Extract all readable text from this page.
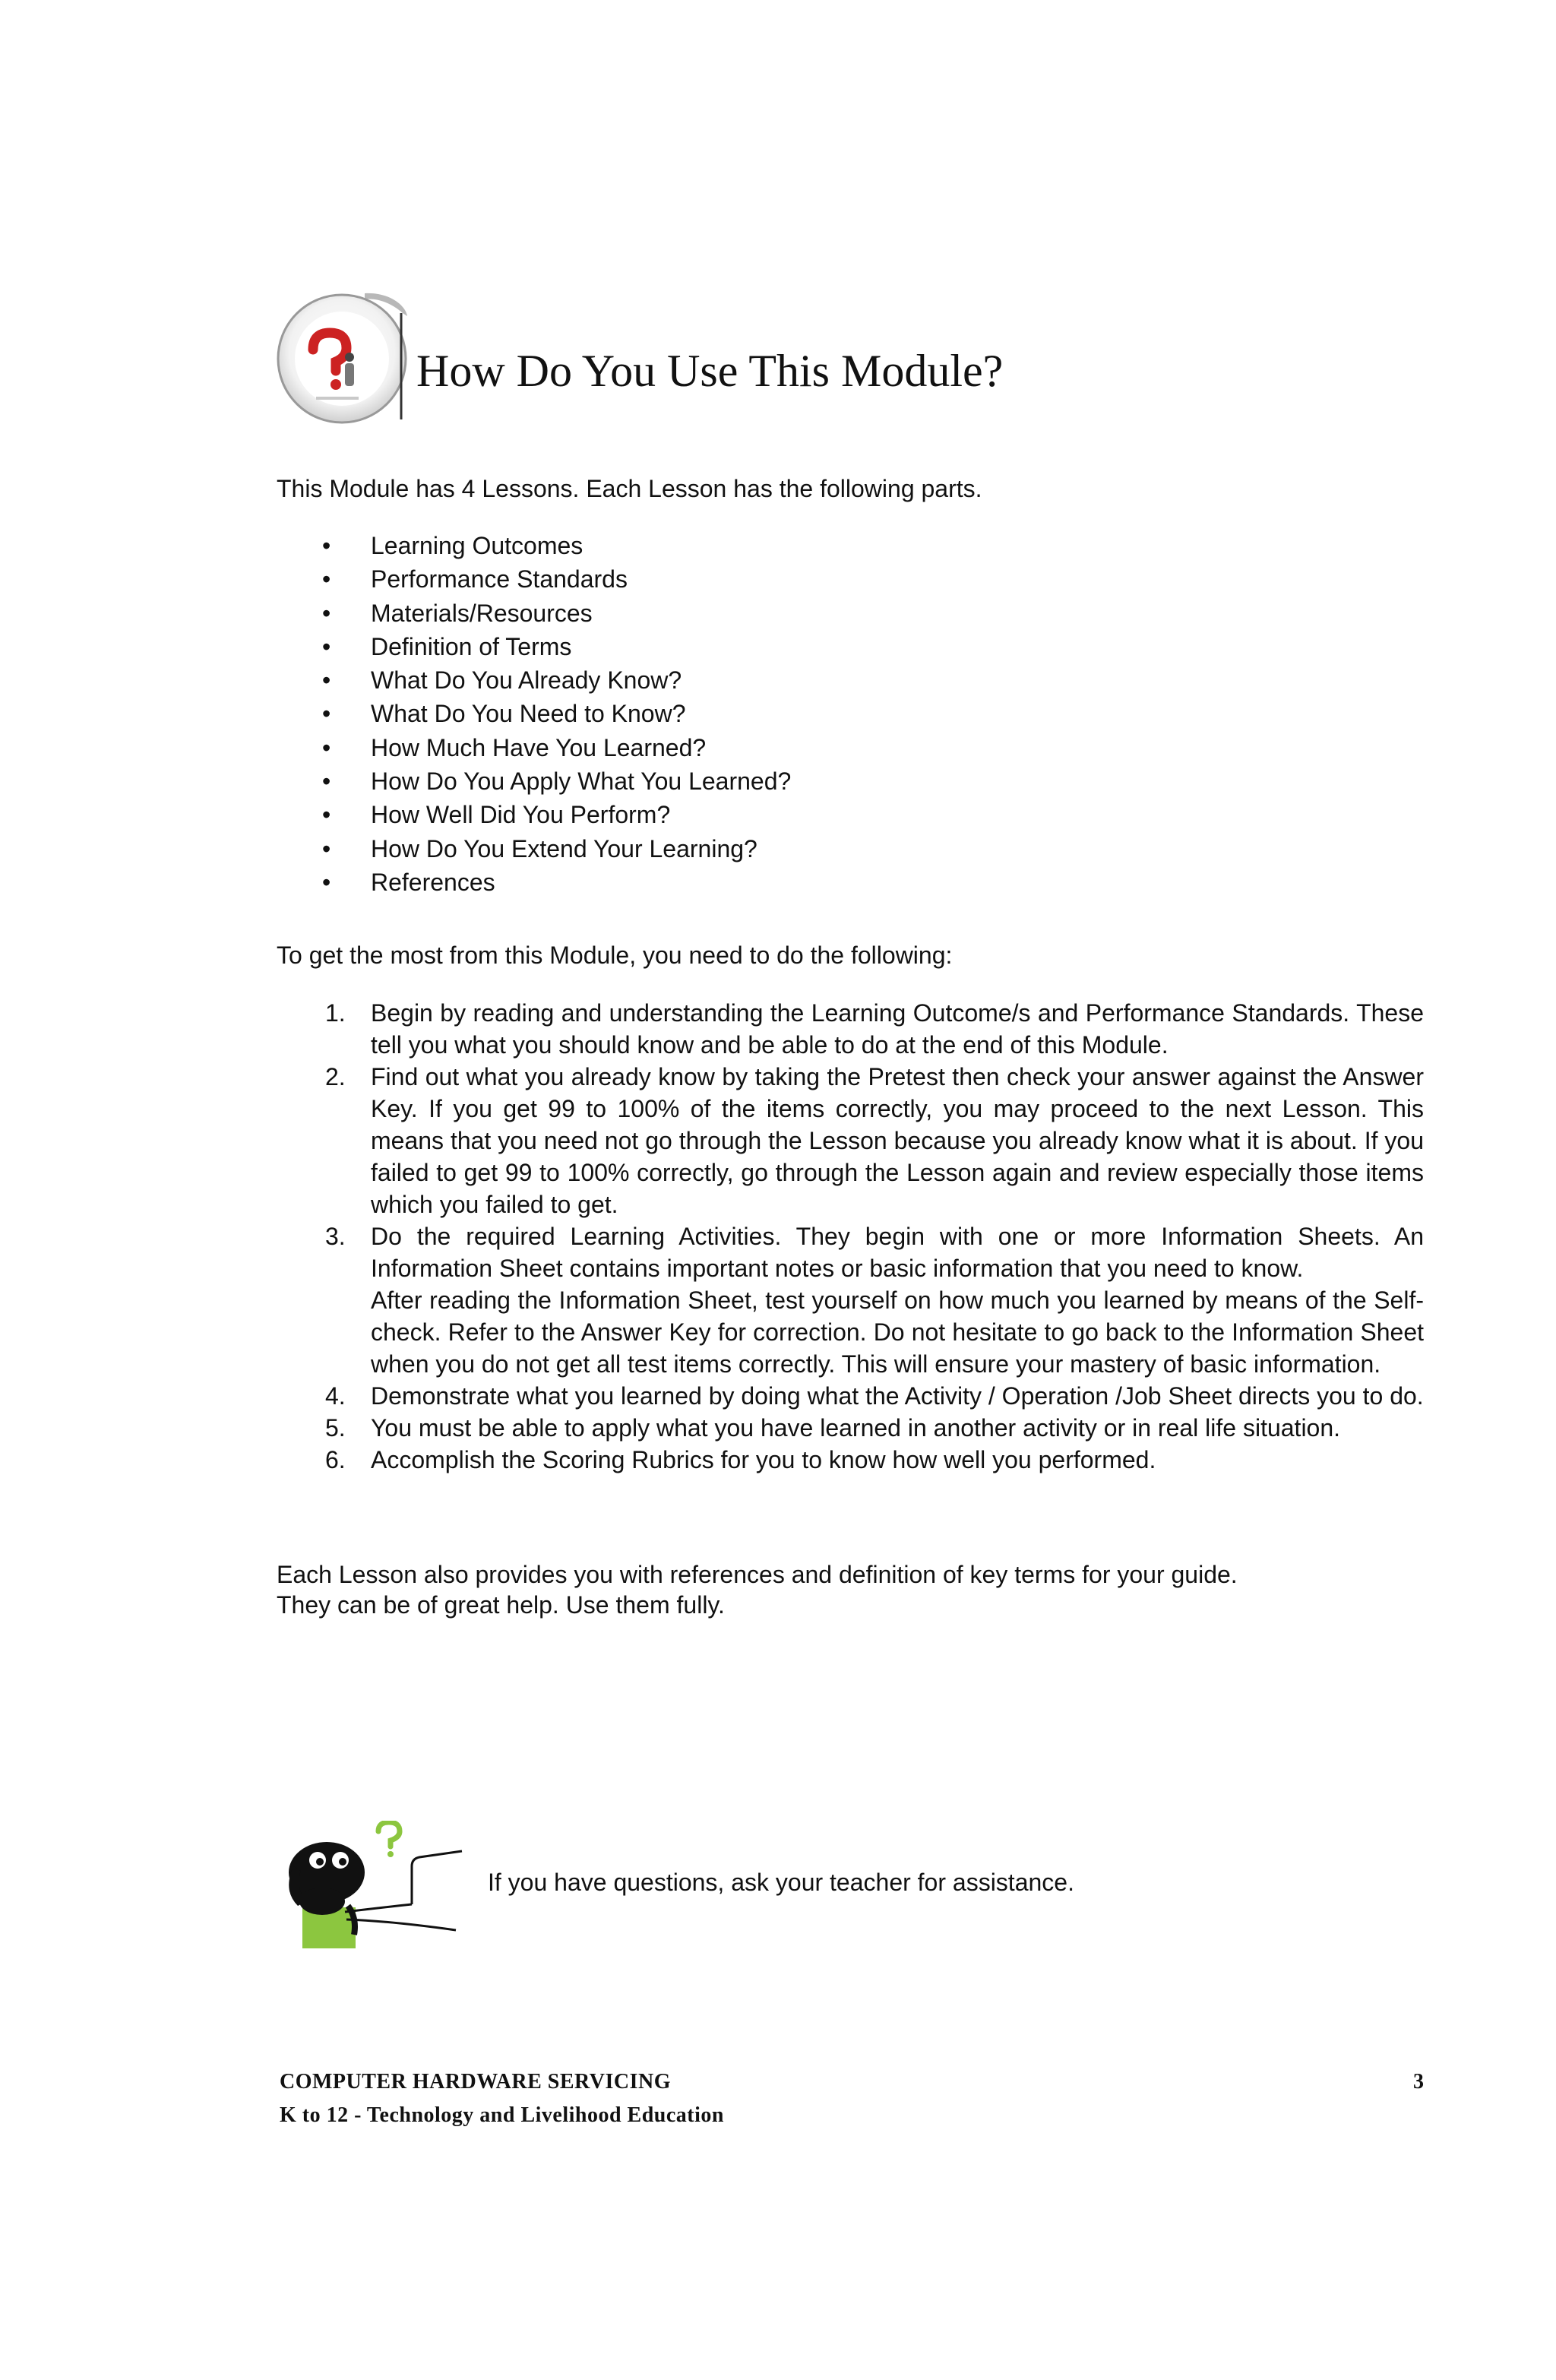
How Do You Use This Module?

This Module has 4 Lessons. Each Lesson has the following parts.

• Learning Outcomes
• Performance Standards
• Materials/Resources
• Definition of Terms
• What Do You Already Know?
• What Do You Need to Know?
• How Much Have You Learned?
• How Do You Apply What You Learned?
• How Well Did You Perform?
• How Do You Extend Your Learning?
• References

To get the most from this Module, you need to do the following:

1. Begin by reading and understanding the Learning Outcome/s and Performance Standards. These tell you what you should know and be able to do at the end of this Module.

2. Find out what you already know by taking the Pretest then check your answer against the Answer Key. If you get 99 to 100% of the items correctly, you may proceed to the next Lesson. This means that you need not go through the Lesson because you already know what it is about. If you failed to get 99 to 100% correctly, go through the Lesson again and review especially those items which you failed to get.

3. Do the required Learning Activities. They begin with one or more Information Sheets. An Information Sheet contains important notes or basic information that you need to know.

After reading the Information Sheet, test yourself on how much you learned by means of the Self-check. Refer to the Answer Key for correction. Do not hesitate to go back to the Information Sheet when you do not get all test items correctly. This will ensure your mastery of basic information.

4. Demonstrate what you learned by doing what the Activity / Operation /Job Sheet directs you to do.

5. You must be able to apply what you have learned in another activity or in real life situation.

6. Accomplish the Scoring Rubrics for you to know how well you performed.

Each Lesson also provides you with references and definition of key terms for your guide.

They can be of great help. Use them fully.

If you have questions, ask your teacher for assistance.

COMPUTER HARDWARE SERVICING
K to 12 - Technology and Livelihood Education
3
